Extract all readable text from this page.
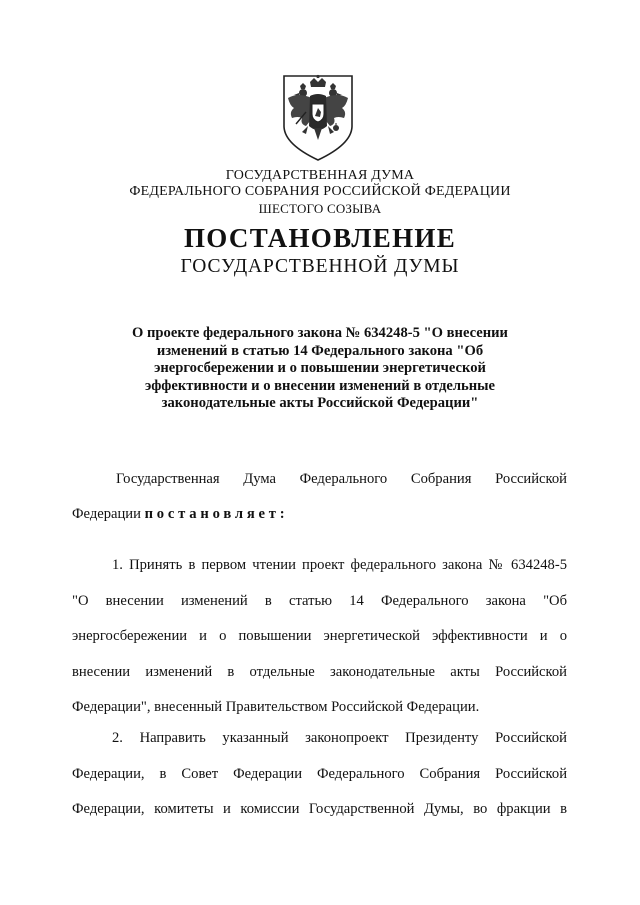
ГОСУДАРСТВЕННАЯ ДУМА
ФЕДЕРАЛЬНОГО СОБРАНИЯ РОССИЙСКОЙ ФЕДЕРАЦИИ
ШЕСТОГО СОЗЫВА
ПОСТАНОВЛЕНИЕ
ГОСУДАРСТВЕННОЙ ДУМЫ
О проекте федерального закона № 634248-5 "О внесении
изменений в статью 14 Федерального закона "Об
энергосбережении и о повышении энергетической
эффективности и о внесении изменений в отдельные
законодательные акты Российской Федерации"
Государственная Дума Федерального Собрания Российской
Федерации постановляет:
1. Принять в первом чтении проект федерального закона № 634248-5
"О внесении изменений в статью 14 Федерального закона "Об
энергосбережении и о повышении энергетической эффективности и о
внесении изменений в отдельные законодательные акты Российской
Федерации", внесенный Правительством Российской Федерации.
2. Направить указанный законопроект Президенту Российской
Федерации, в Совет Федерации Федерального Собрания Российской
Федерации, комитеты и комиссии Государственной Думы, во фракции в
